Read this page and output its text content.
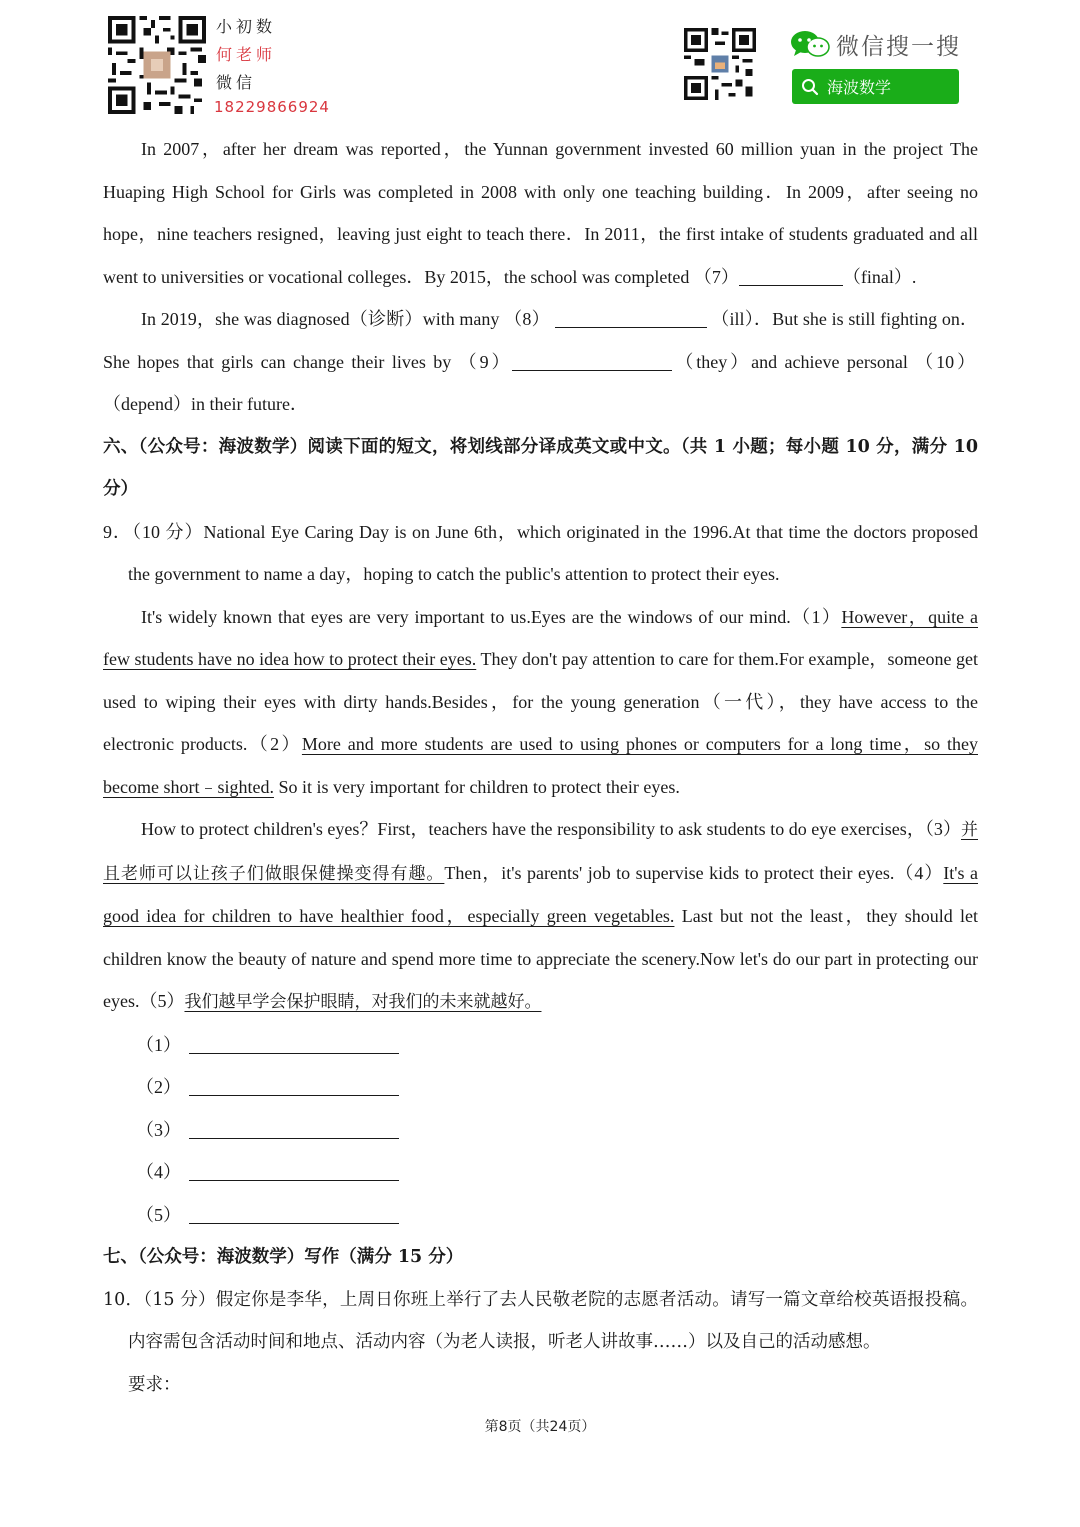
小初数
何老师
微信
18229866924
微信搜一搜
海波数学
In 2007，after her dream was reported，the Yunnan government invested 60 million yuan in the project The Huaping High School for Girls was completed in 2008 with only one teaching building．In 2009，after seeing no hope，nine teachers resigned，leaving just eight to teach there．In 2011，the first intake of students graduated and all went to universities or vocational colleges．By 2015，the school was completed （7）	（final）.
In 2019，she was diagnosed（诊断）with many （8）	（ill）．But she is still fighting on．She hopes that girls can change their lives by （9）	（they）and achieve personal （10）（depend）in their future．
六、（公众号：海波数学）阅读下面的短文，将划线部分译成英文或中文。（共 1 小题；每小题 10 分，满分 10 分）
9．（10 分）National Eye Caring Day is on June 6th，which originated in the 1996.At that time the doctors proposed the government to name a day，hoping to catch the public's attention to protect their eyes.
It's widely known that eyes are very important to us.Eyes are the windows of our mind.（1）However，quite a few students have no idea how to protect their eyes. They don't pay attention to care for them.For example，someone get used to wiping their eyes with dirty hands.Besides，for the young generation（一代），they have access to the electronic products.（2）More and more students are used to using phones or computers for a long time，so they become short﹣sighted. So it is very important for children to protect their eyes.
How to protect children's eyes？First，teachers have the responsibility to ask students to do eye exercises，（3）并且老师可以让孩子们做眼保健操变得有趣。Then，it's parents' job to supervise kids to protect their eyes.（4）It's a good idea for children to have healthier food，especially green vegetables. Last but not the least，they should let children know the beauty of nature and spend more time to appreciate the scenery.Now let's do our part in protecting our eyes.（5）我们越早学会保护眼睛，对我们的未来就越好。
（1）
（2）
（3）
（4）
（5）
七、（公众号：海波数学）写作（满分 15 分）
10．（15 分）假定你是李华，上周日你班上举行了去人民敬老院的志愿者活动。请写一篇文章给校英语报投稿。内容需包含活动时间和地点、活动内容（为老人读报，听老人讲故事……）以及自己的活动感想。
要求：
第8页（共24页）
